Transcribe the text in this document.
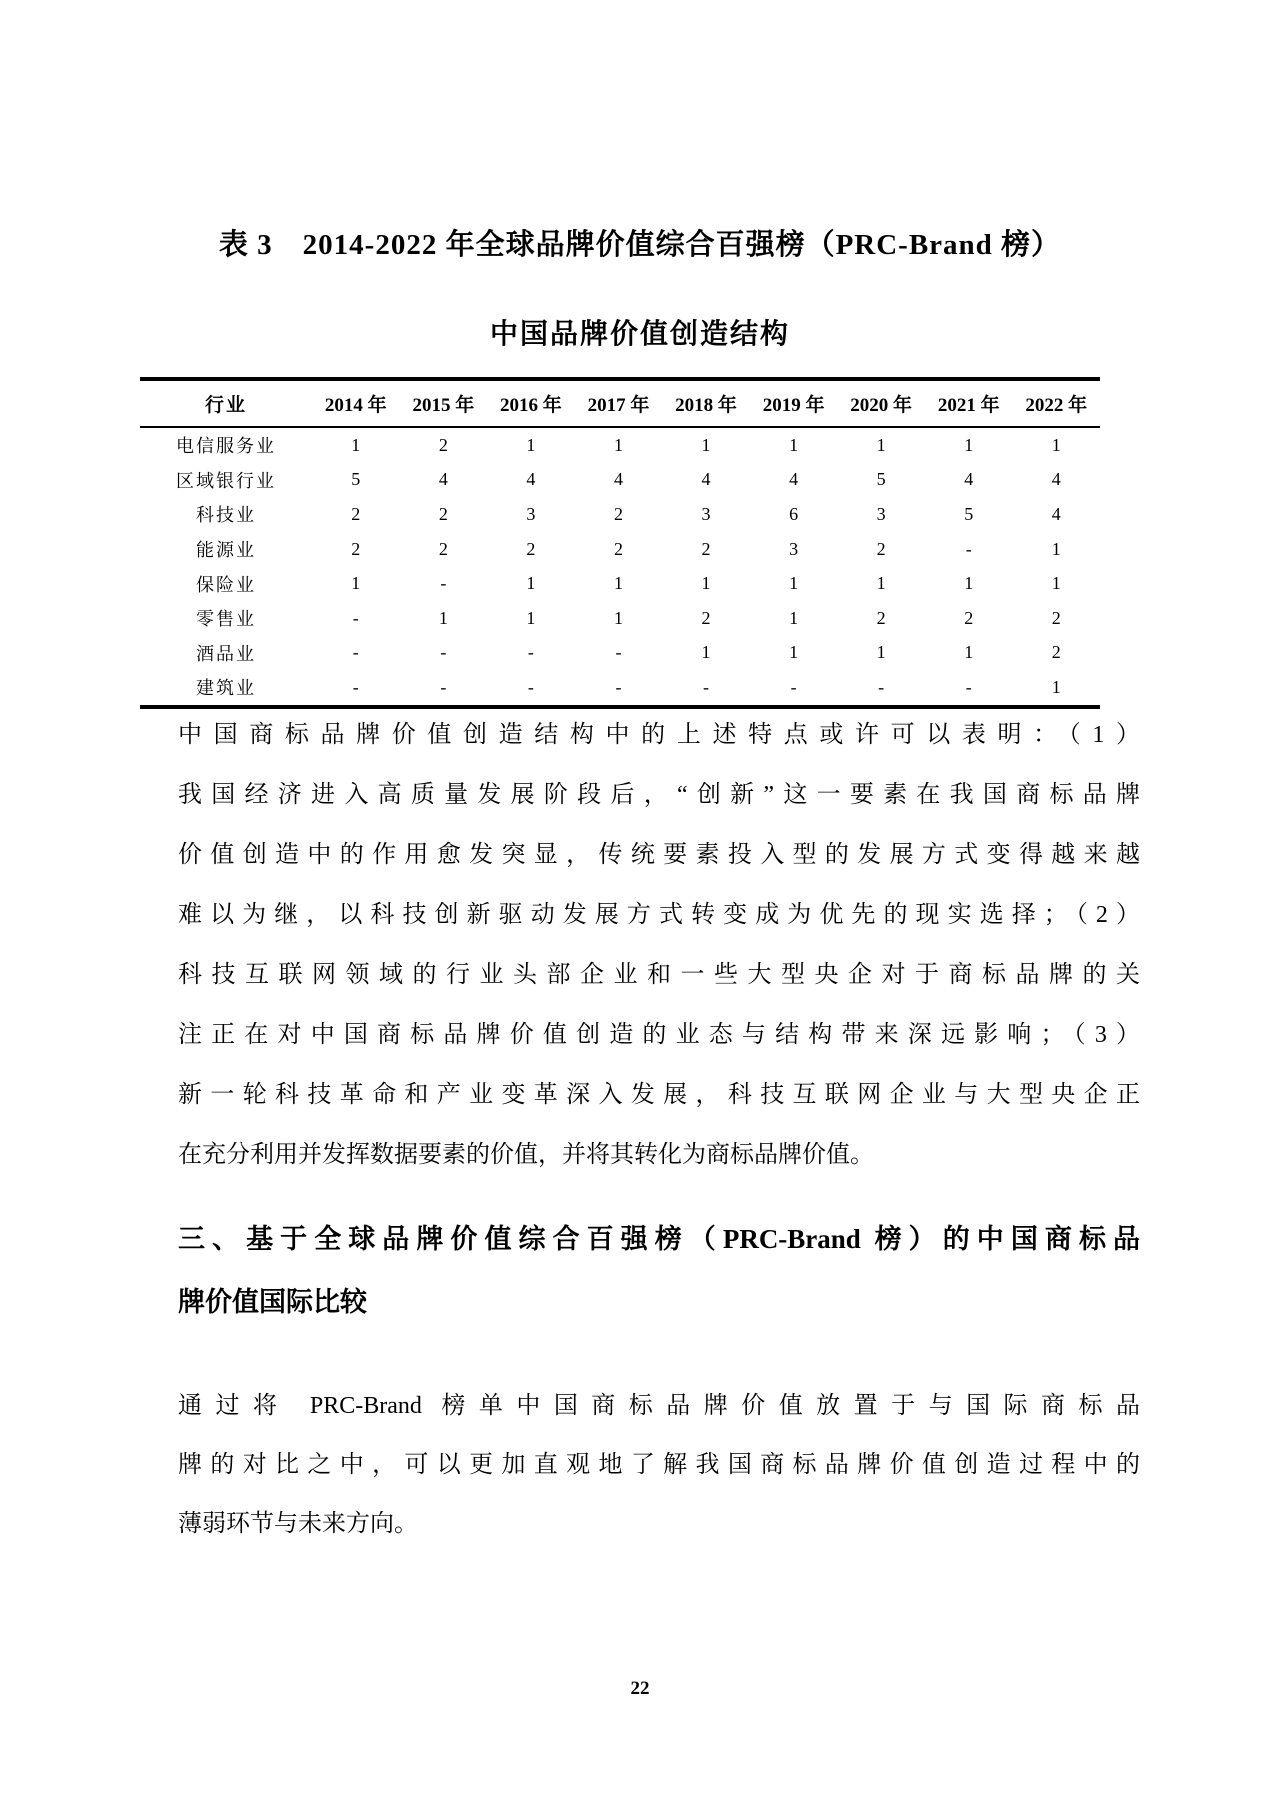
表 3　2014-2022 年全球品牌价值综合百强榜（PRC-Brand 榜）
中国品牌价值创造结构
行业	2014 年	2015 年	2016 年	2017 年	2018 年	2019 年	2020 年	2021 年	2022 年
电信服务业	1	2	1	1	1	1	1	1	1
区域银行业	5	4	4	4	4	4	5	4	4
科技业	2	2	3	2	3	6	3	5	4
能源业	2	2	2	2	2	3	2	-	1
保险业	1	-	1	1	1	1	1	1	1
零售业	-	1	1	1	2	1	2	2	2
酒品业	-	-	-	-	1	1	1	1	2
建筑业	-	-	-	-	-	-	-	-	1
中国商标品牌价值创造结构中的上述特点或许可以表明：（1）
我国经济进入高质量发展阶段后，“创新”这一要素在我国商标品牌
价值创造中的作用愈发突显，传统要素投入型的发展方式变得越来越
难以为继，以科技创新驱动发展方式转变成为优先的现实选择；（2）
科技互联网领域的行业头部企业和一些大型央企对于商标品牌的关
注正在对中国商标品牌价值创造的业态与结构带来深远影响；（3）
新一轮科技革命和产业变革深入发展，科技互联网企业与大型央企正
在充分利用并发挥数据要素的价值，并将其转化为商标品牌价值。
三、基于全球品牌价值综合百强榜（PRC-Brand 榜）的中国商标品
牌价值国际比较
通过将 PRC-Brand 榜单中国商标品牌价值放置于与国际商标品
牌的对比之中，可以更加直观地了解我国商标品牌价值创造过程中的
薄弱环节与未来方向。
22
